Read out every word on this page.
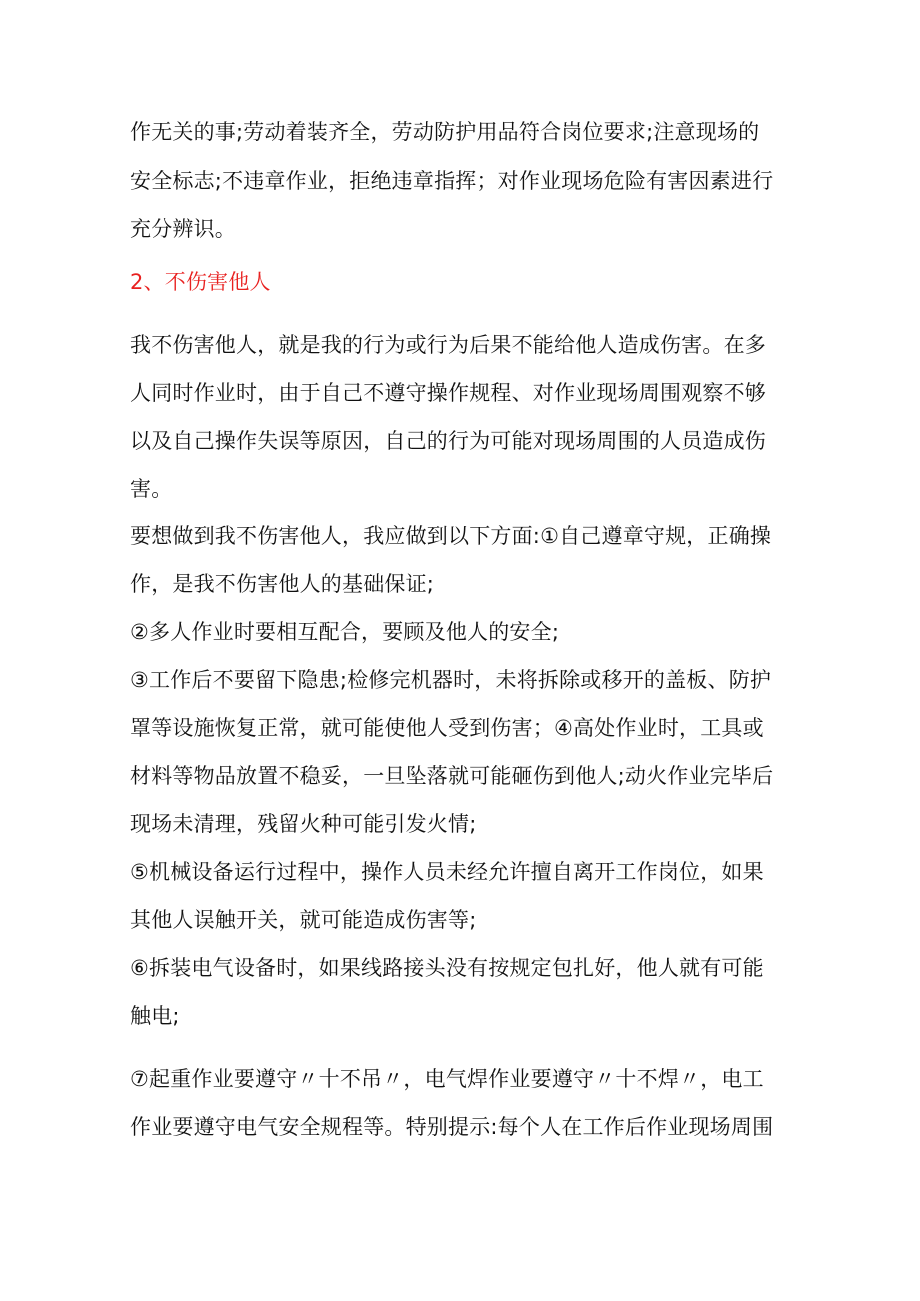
作无关的事;劳动着装齐全，劳动防护用品符合岗位要求;注意现场的
安全标志;不违章作业，拒绝违章指挥；对作业现场危险有害因素进行
充分辨识。
2、不伤害他人
我不伤害他人，就是我的行为或行为后果不能给他人造成伤害。在多
人同时作业时，由于自己不遵守操作规程、对作业现场周围观察不够
以及自己操作失误等原因，自己的行为可能对现场周围的人员造成伤
害。
要想做到我不伤害他人，我应做到以下方面:①自己遵章守规，正确操
作，是我不伤害他人的基础保证;
②多人作业时要相互配合，要顾及他人的安全;
③工作后不要留下隐患;检修完机器时，未将拆除或移开的盖板、防护
罩等设施恢复正常，就可能使他人受到伤害；④高处作业时，工具或
材料等物品放置不稳妥，一旦坠落就可能砸伤到他人;动火作业完毕后
现场未清理，残留火种可能引发火情;
⑤机械设备运行过程中，操作人员未经允许擅自离开工作岗位，如果
其他人误触开关，就可能造成伤害等;
⑥拆装电气设备时，如果线路接头没有按规定包扎好，他人就有可能
触电;
⑦起重作业要遵守〃十不吊〃，电气焊作业要遵守〃十不焊〃，电工
作业要遵守电气安全规程等。特别提示:每个人在工作后作业现场周围
